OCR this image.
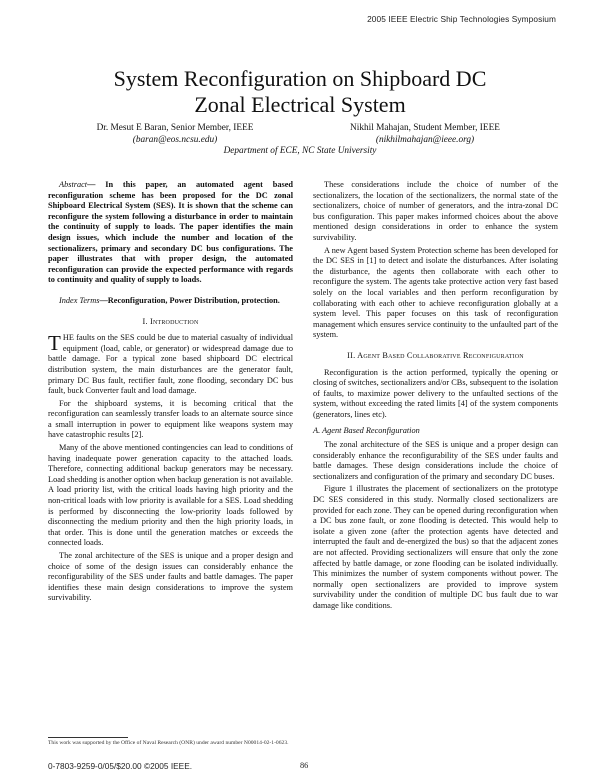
2005 IEEE Electric Ship Technologies Symposium
System Reconfiguration on Shipboard DC
Zonal Electrical System
Dr. Mesut E Baran, Senior Member, IEEE
(baran@eos.ncsu.edu)
Nikhil Mahajan, Student Member, IEEE
(nikhilmahajan@ieee.org)
Department of ECE, NC State University

Abstract— In this paper, an automated agent based reconfiguration scheme has been proposed for the DC zonal Shipboard Electrical System (SES). It is shown that the scheme can reconfigure the system following a disturbance in order to maintain the continuity of supply to loads. The paper identifies the main design issues, which include the number and location of the sectionalizers, primary and secondary DC bus configurations. The paper illustrates that with proper design, the automated reconfiguration can provide the expected performance with regards to continuity and quality of supply to loads.

Index Terms—Reconfiguration, Power Distribution, protection.

I. Introduction

THE faults on the SES could be due to material casualty of individual equipment (load, cable, or generator) or widespread damage due to battle damage. For a typical zone based shipboard DC electrical distribution system, the main disturbances are the generator fault, primary DC Bus fault, rectifier fault, zone flooding, secondary DC bus fault, buck Converter fault and load damage.

For the shipboard systems, it is becoming critical that the reconfiguration can seamlessly transfer loads to an alternate source since a small interruption in power to equipment like weapons system may have catastrophic results [2].

Many of the above mentioned contingencies can lead to conditions of having inadequate power generation capacity to the attached loads. Therefore, connecting additional backup generators may be necessary. Load shedding is another option when backup generation is not available. A load priority list, with the critical loads having high priority and the non-critical loads with low priority is available for a SES. Load shedding is performed by disconnecting the low-priority loads followed by disconnecting the medium priority and then the high priority loads, in that order. This is done until the generation matches or exceeds the connected loads.

The zonal architecture of the SES is unique and a proper design and choice of some of the design issues can considerably enhance the reconfigurability of the SES under faults and battle damages. The paper identifies these main design considerations to improve the system survivability.

These considerations include the choice of number of the sectionalizers, the location of the sectionalizers, the normal state of the sectionalizers, choice of number of generators, and the intra-zonal DC bus configuration. This paper makes informed choices about the above mentioned design considerations in order to enhance the system survivability.

A new Agent based System Protection scheme has been developed for the DC SES in [1] to detect and isolate the disturbances. After isolating the disturbance, the agents then collaborate with each other to reconfigure the system. The agents take protective action very fast based solely on the local variables and then perform reconfiguration by collaborating with each other to achieve reconfiguration globally at a system level. This paper focuses on this task of reconfiguration management which ensures service continuity to the unfaulted part of the system.

II. Agent Based Collaborative Reconfiguration

Reconfiguration is the action performed, typically the opening or closing of switches, sectionalizers and/or CBs, subsequent to the isolation of faults, to maximize power delivery to the unfaulted sections of the system, without exceeding the rated limits [4] of the system components (generators, lines etc).

A. Agent Based Reconfiguration

The zonal architecture of the SES is unique and a proper design can considerably enhance the reconfigurability of the SES under faults and battle damages. These design considerations include the choice of sectionalizers and configuration of the primary and secondary DC buses.

Figure 1 illustrates the placement of sectionalizers on the prototype DC SES considered in this study. Normally closed sectionalizers are provided for each zone. They can be opened during reconfiguration when a DC bus zone fault, or zone flooding is detected. This would help to isolate a given zone (after the protection agents have detected and interrupted the fault and de-energized the bus) so that the adjacent zones are not affected. Providing sectionalizers will ensure that only the zone affected by battle damage, or zone flooding can be isolated individually. This minimizes the number of system components without power. The normally open sectionalizers are provided to improve system survivability under the condition of multiple DC bus fault due to war damage like conditions.

This work was supported by the Office of Naval Research (ONR) under award number N00014-02-1-0623.
0-7803-9259-0/05/$20.00 ©2005 IEEE.	86
